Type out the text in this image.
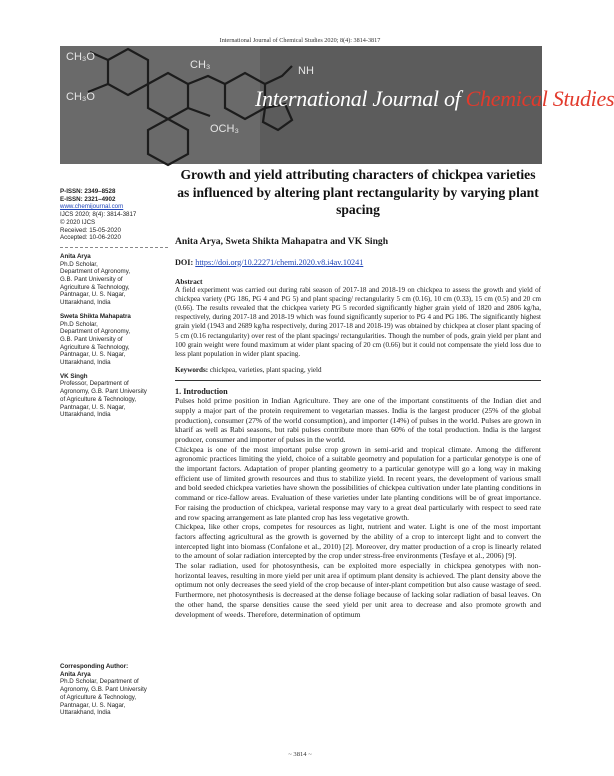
International Journal of Chemical Studies 2020; 8(4): 3814-3817
CH₃O
CH₃O
CH₃	NH
OCH₃
International Journal of Chemical Studies
P-ISSN: 2349–8528
E-ISSN: 2321–4902
www.chemijournal.com
IJCS 2020; 8(4): 3814-3817
© 2020 IJCS
Received: 15-05-2020
Accepted: 10-06-2020
Anita Arya
Ph.D Scholar,
Department of Agronomy,
G.B. Pant University of
Agriculture & Technology,
Pantnagar, U. S. Nagar,
Uttarakhand, India
Sweta Shikta Mahapatra
Ph.D Scholar,
Department of Agronomy,
G.B. Pant University of
Agriculture & Technology,
Pantnagar, U. S. Nagar,
Uttarakhand, India
VK Singh
Professor, Department of
Agronomy, G.B. Pant University
of Agriculture & Technology,
Pantnagar, U. S. Nagar,
Uttarakhand, India
Corresponding Author:
Anita Arya
Ph.D Scholar, Department of
Agronomy, G.B. Pant University
of Agriculture & Technology,
Pantnagar, U. S. Nagar,
Uttarakhand, India
Growth and yield attributing characters of chickpea varieties as influenced by altering plant rectangularity by varying plant spacing
Anita Arya, Sweta Shikta Mahapatra and VK Singh
DOI: https://doi.org/10.22271/chemi.2020.v8.i4av.10241
Abstract
A field experiment was carried out during rabi season of 2017-18 and 2018-19 on chickpea to assess the growth and yield of chickpea variety (PG 186, PG 4 and PG 5) and plant spacing/ rectangularity 5 cm (0.16), 10 cm (0.33), 15 cm (0.5) and 20 cm (0.66). The results revealed that the chickpea variety PG 5 recorded significantly higher grain yield of 1820 and 2806 kg/ha, respectively, during 2017-18 and 2018-19 which was found significantly superior to PG 4 and PG 186. The significantly highest grain yield (1943 and 2689 kg/ha respectively, during 2017-18 and 2018-19) was obtained by chickpea at closer plant spacing of 5 cm (0.16 rectangularity) over rest of the plant spacings/ rectangularities. Though the number of pods, grain yield per plant and 100 grain weight were found maximum at wider plant spacing of 20 cm (0.66) but it could not compensate the yield loss due to less plant population in wider plant spacing.
Keywords: chickpea, varieties, plant spacing, yield
1. Introduction

Pulses hold prime position in Indian Agriculture. They are one of the important constituents of the Indian diet and supply a major part of the protein requirement to vegetarian masses. India is the largest producer (25% of the global production), consumer (27% of the world consumption), and importer (14%) of pulses in the world. Pulses are grown in kharif as well as Rabi seasons, but rabi pulses contribute more than 60% of the total production. India is the largest producer, consumer and importer of pulses in the world.

Chickpea is one of the most important pulse crop grown in semi-arid and tropical climate. Among the different agronomic practices limiting the yield, choice of a suitable geometry and population for a particular genotype is one of the important factors. Adaptation of proper planting geometry to a particular genotype will go a long way in making efficient use of limited growth resources and thus to stabilize yield. In recent years, the development of various small and bold seeded chickpea varieties have shown the possibilities of chickpea cultivation under late planting conditions in command or rice-fallow areas. Evaluation of these varieties under late planting conditions will be of great importance. For raising the production of chickpea, varietal response may vary to a great deal particularly with respect to seed rate and row spacing arrangement as late planted crop has less vegetative growth.

Chickpea, like other crops, competes for resources as light, nutrient and water. Light is one of the most important factors affecting agricultural as the growth is governed by the ability of a crop to intercept light and to convert the intercepted light into biomass (Confalone et al., 2010) [2]. Moreover, dry matter production of a crop is linearly related to the amount of solar radiation intercepted by the crop under stress-free environments (Tesfaye et al., 2006) [9].

The solar radiation, used for photosynthesis, can be exploited more especially in chickpea genotypes with non-horizontal leaves, resulting in more yield per unit area if optimum plant density is achieved. The plant density above the optimum not only decreases the seed yield of the crop because of inter-plant competition but also cause wastage of seed. Furthermore, net photosynthesis is decreased at the dense foliage because of lacking solar radiation of basal leaves. On the other hand, the sparse densities cause the seed yield per unit area to decrease and also promote growth and development of weeds. Therefore, determination of optimum

~ 3814 ~
